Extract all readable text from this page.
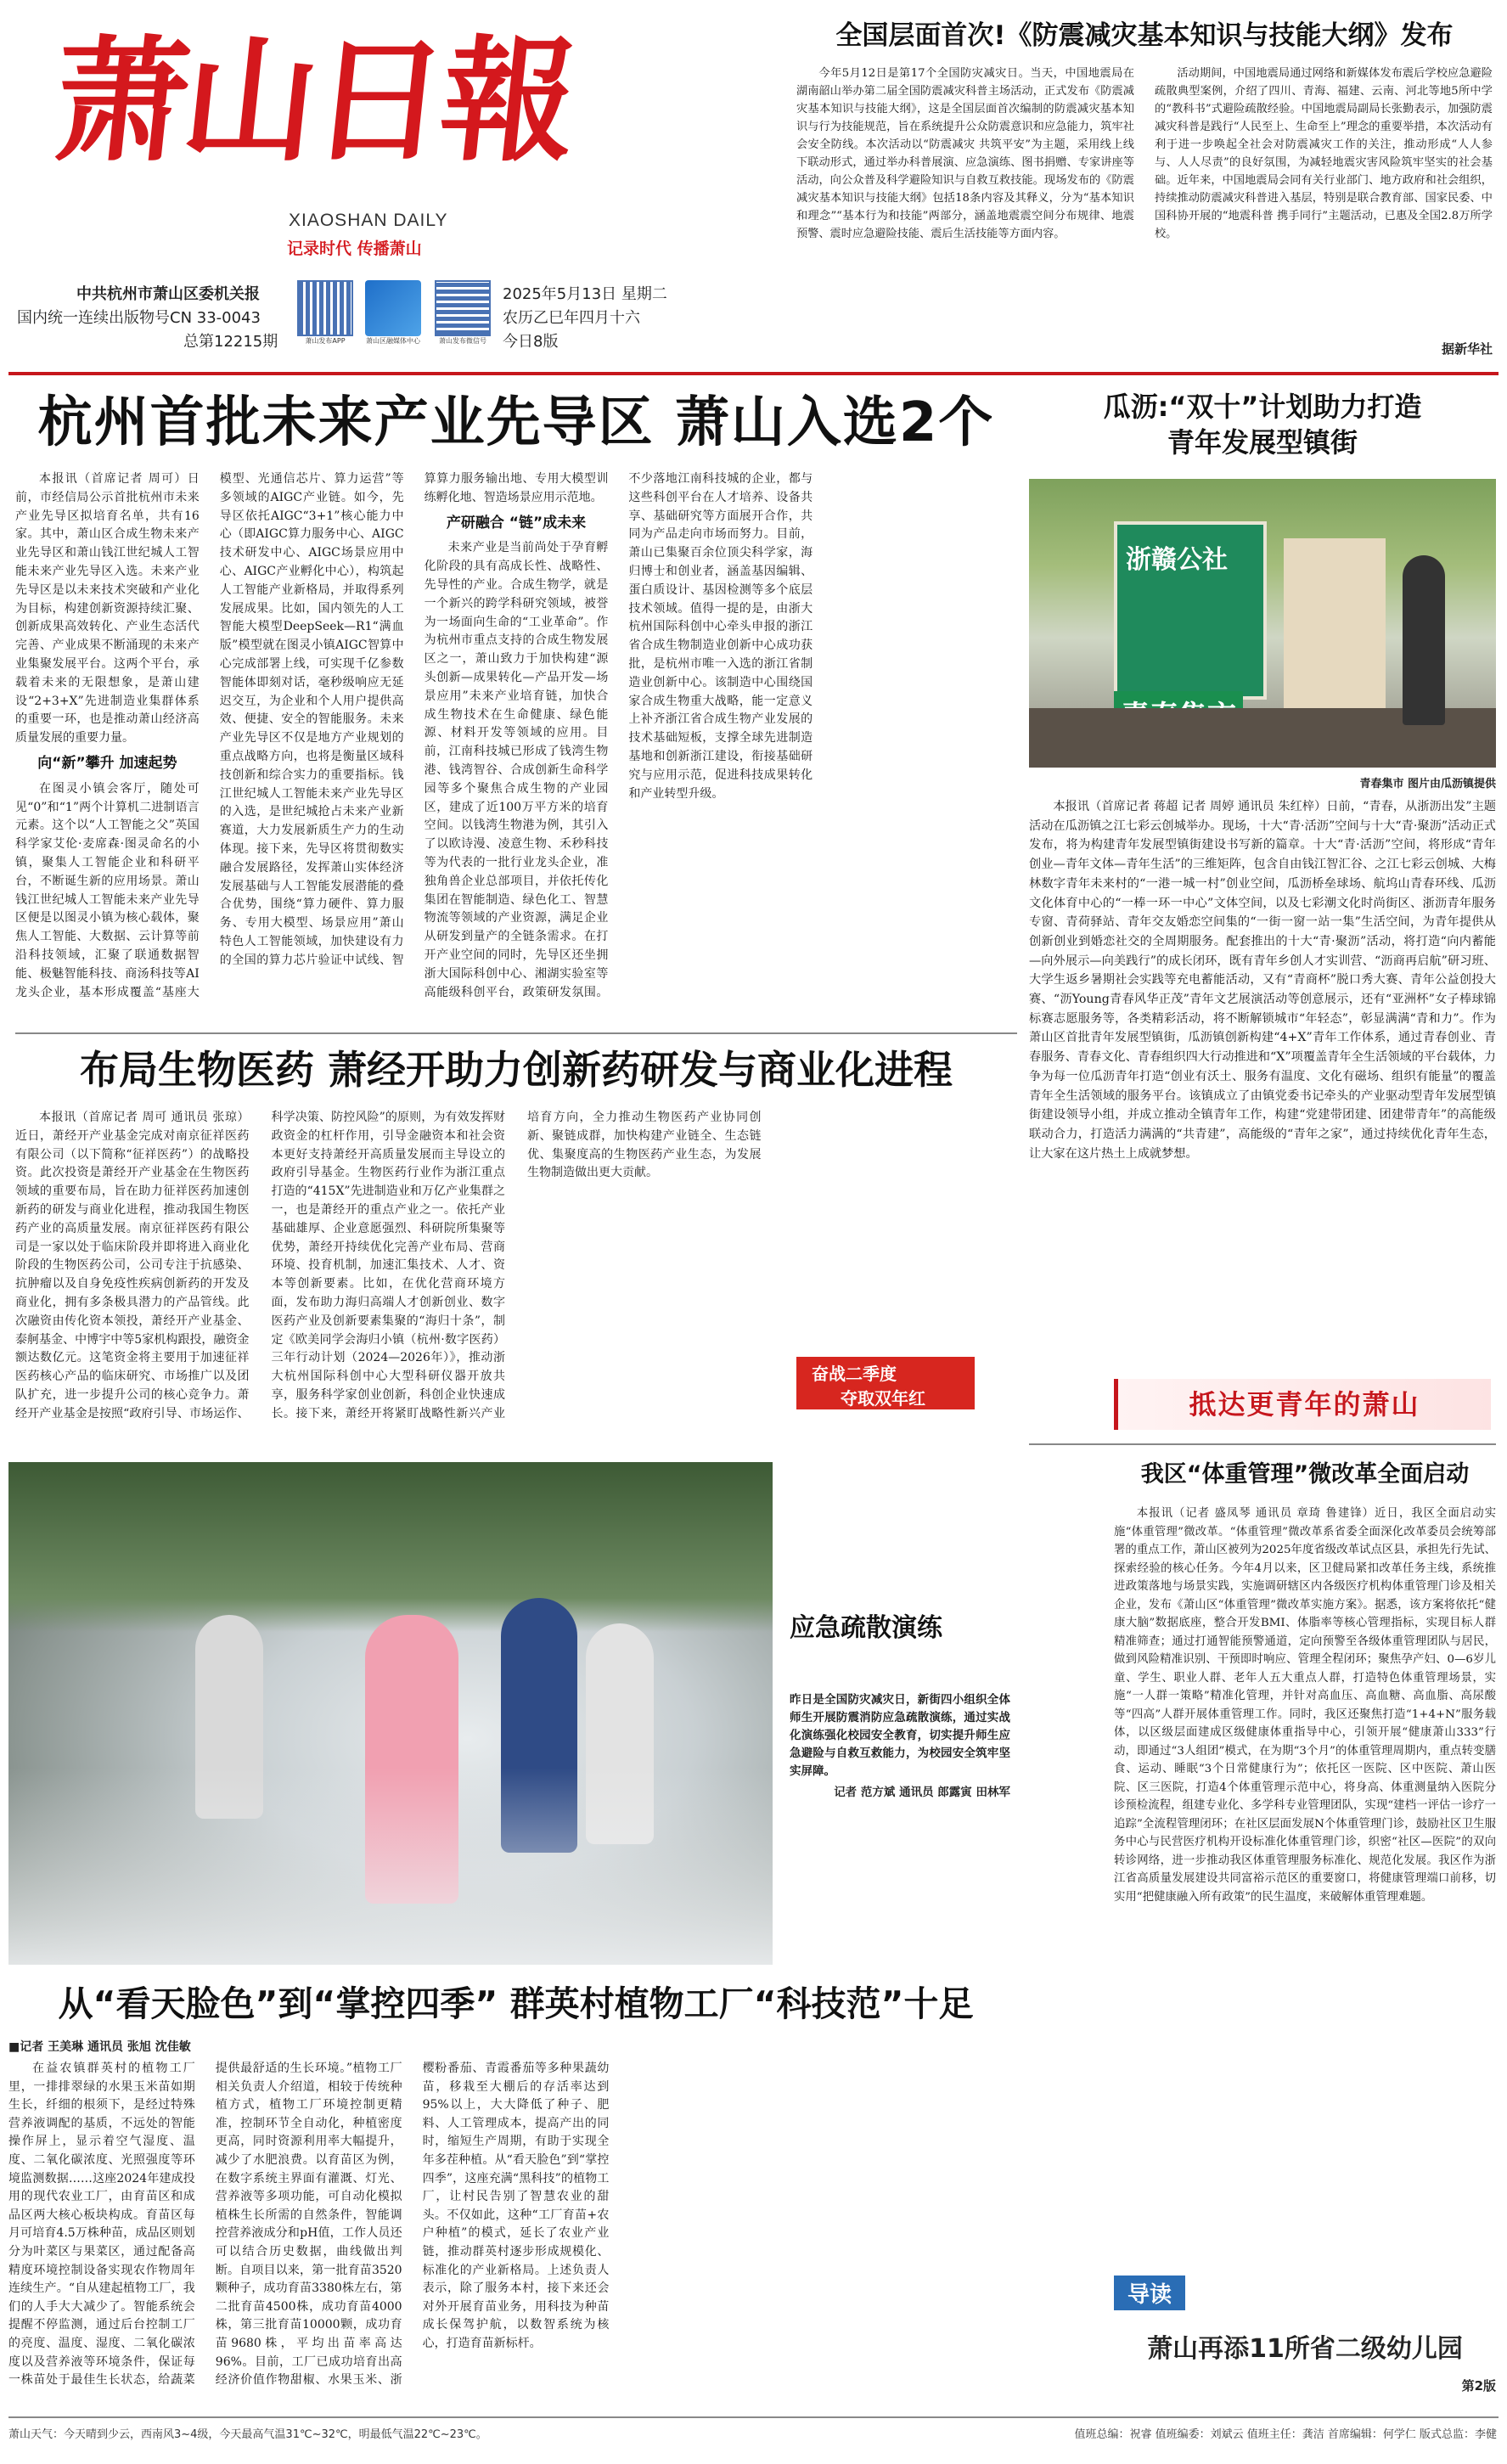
萧山日報
XIAOSHAN DAILY
记录时代 传播萧山
中共杭州市萧山区委机关报
国内统一连续出版物号CN 33-0043
总第12215期	萧山发布APP	萧山区融媒体中心	萧山发布微信号
2025年5月13日 星期二
农历乙巳年四月十六
今日8版
全国层面首次!《防震减灾基本知识与技能大纲》发布

今年5月12日是第17个全国防灾减灾日。当天，中国地震局在湖南韶山举办第二届全国防震减灾科普主场活动，正式发布《防震减灾基本知识与技能大纲》，这是全国层面首次编制的防震减灾基本知识与行为技能规范，旨在系统提升公众防震意识和应急能力，筑牢社会安全防线。本次活动以“防震减灾 共筑平安”为主题，采用线上线下联动形式，通过举办科普展演、应急演练、图书捐赠、专家讲座等活动，向公众普及科学避险知识与自救互救技能。现场发布的《防震减灾基本知识与技能大纲》包括18条内容及其释义，分为“基本知识和理念”“基本行为和技能”两部分，涵盖地震震空间分布规律、地震预警、震时应急避险技能、震后生活技能等方面内容。

活动期间，中国地震局通过网络和新媒体发布震后学校应急避险疏散典型案例，介绍了四川、青海、福建、云南、河北等地5所中学的“教科书”式避险疏散经验。中国地震局副局长张勤表示，加强防震减灾科普是践行“人民至上、生命至上”理念的重要举措，本次活动有利于进一步唤起全社会对防震减灾工作的关注，推动形成“人人参与、人人尽责”的良好氛围，为减轻地震灾害风险筑牢坚实的社会基础。近年来，中国地震局会同有关行业部门、地方政府和社会组织，持续推动防震减灾科普进入基层，特别是联合教育部、国家民委、中国科协开展的“地震科普 携手同行”主题活动，已惠及全国2.8万所学校。

据新华社
杭州首批未来产业先导区 萧山入选2个

本报讯（首席记者 周可）日前，市经信局公示首批杭州市未来产业先导区拟培育名单，共有16家。其中，萧山区合成生物未来产业先导区和萧山钱江世纪城人工智能未来产业先导区入选。未来产业先导区是以未来技术突破和产业化为目标，构建创新资源持续汇聚、创新成果高效转化、产业生态活代完善、产业成果不断涌现的未来产业集聚发展平台。这两个平台，承载着未来的无限想象，是萧山建设“2+3+X”先进制造业集群体系的重要一环，也是推动萧山经济高质量发展的重要力量。

向“新”攀升 加速起势

在图灵小镇会客厅，随处可见“0”和“1”两个计算机二进制语言元素。这个以“人工智能之父”英国科学家艾伦·麦席森·图灵命名的小镇，聚集人工智能企业和科研平台，不断诞生新的应用场景。萧山钱江世纪城人工智能未来产业先导区便是以图灵小镇为核心载体，聚焦人工智能、大数据、云计算等前沿科技领域，汇聚了联通数据智能、极魅智能科技、商汤科技等AI龙头企业，基本形成覆盖“基座大模型、光通信芯片、算力运营”等多领域的AIGC产业链。如今，先导区依托AIGC“3+1”核心能力中心（即AIGC算力服务中心、AIGC技术研发中心、AIGC场景应用中心、AIGC产业孵化中心），构筑起人工智能产业新格局，并取得系列发展成果。比如，国内领先的人工智能大模型DeepSeek—R1“满血版”模型就在图灵小镇AIGC智算中心完成部署上线，可实现千亿参数智能体即刻对话，毫秒级响应无延迟交互，为企业和个人用户提供高效、便捷、安全的智能服务。未来产业先导区不仅是地方产业规划的重点战略方向，也将是衡量区域科技创新和综合实力的重要指标。钱江世纪城人工智能未来产业先导区的入选，是世纪城抢占未来产业新赛道，大力发展新质生产力的生动体现。接下来，先导区将贯彻数实融合发展路径，发挥萧山实体经济发展基础与人工智能发展潜能的叠合优势，围绕“算力硬件、算力服务、专用大模型、场景应用”萧山特色人工智能领域，加快建设有力的全国的算力芯片验证中试线、智算算力服务输出地、专用大模型训练孵化地、智造场景应用示范地。

产研融合 “链”成未来

未来产业是当前尚处于孕育孵化阶段的具有高成长性、战略性、先导性的产业。合成生物学，就是一个新兴的跨学科研究领域，被誉为一场面向生命的“工业革命”。作为杭州市重点支持的合成生物发展区之一，萧山致力于加快构建“源头创新—成果转化—产品开发—场景应用”未来产业培育链，加快合成生物技术在生命健康、绿色能源、材料开发等领域的应用。目前，江南科技城已形成了钱湾生物港、钱湾智谷、合成创新生命科学园等多个聚焦合成生物的产业园区，建成了近100万平方米的培育空间。以钱湾生物港为例，其引入了以欧诗漫、凌意生物、禾秒科技等为代表的一批行业龙头企业，准独角兽企业总部项目，并依托传化集团在智能制造、绿色化工、智慧物流等领域的产业资源，满足企业从研发到量产的全链条需求。在打开产业空间的同时，先导区还坐拥浙大国际科创中心、湘湖实验室等高能级科创平台，政策研发氛围。不少落地江南科技城的企业，都与这些科创平台在人才培养、设备共享、基础研究等方面展开合作，共同为产品走向市场而努力。目前，萧山已集聚百余位顶尖科学家，海归博士和创业者，涵盖基因编辑、蛋白质设计、基因检测等多个底层技术领域。值得一提的是，由浙大杭州国际科创中心牵头申报的浙江省合成生物制造业创新中心成功获批，是杭州市唯一入选的浙江省制造业创新中心。该制造中心围绕国家合成生物重大战略，能一定意义上补齐浙江省合成生物产业发展的技术基础短板，支撑全球先进制造基地和创新浙江建设，衔接基础研究与应用示范，促进科技成果转化和产业转型升级。

瓜沥:“双十”计划助力打造
青年发展型镇街
浙赣公社
青春集市 图片由瓜沥镇提供

本报讯（首席记者 蒋超 记者 周婷 通讯员 朱红梓）日前，“青春，从浙沥出发”主题活动在瓜沥镇之江七彩云创城举办。现场，十大“青·活沥”空间与十大“青·聚沥”活动正式发布，将为构建青年发展型镇街建设书写新的篇章。十大“青·活沥”空间，将形成“青年创业—青年文体—青年生活”的三维矩阵，包含自由钱江智汇谷、之江七彩云创城、大梅林数字青年未来村的“一港一城一村”创业空间，瓜沥桥垒球场、航坞山青春环线、瓜沥文化体育中心的“一棒一环一中心”文体空间，以及七彩潮文化时尚街区、浙沥青年服务专窗、青荷驿站、青年交友婚恋空间集的“一街一窗一站一集”生活空间，为青年提供从创新创业到婚恋社交的全周期服务。配套推出的十大“青·聚沥”活动，将打造“向内蓄能—向外展示—向美践行”的成长闭环，既有青年乡创人才实训营、“沥商再启航”研习班、大学生返乡暑期社会实践等充电蓄能活动，又有“青商杯”脱口秀大赛、青年公益创投大赛、“沥Young青春风华正茂”青年文艺展演活动等创意展示，还有“亚洲杯”女子棒球锦标赛志愿服务等，各类精彩活动，将不断解锁城市“年轻态”，彰显满满“青和力”。作为萧山区首批青年发展型镇街，瓜沥镇创新构建“4+X”青年工作体系，通过青春创业、青春服务、青春文化、青春组织四大行动推进和“X”项覆盖青年全生活领域的平台载体，力争为每一位瓜沥青年打造“创业有沃土、服务有温度、文化有磁场、组织有能量”的覆盖青年全生活领域的服务平台。该镇成立了由镇党委书记牵头的产业驱动型青年发展型镇街建设领导小组，并成立推动全镇青年工作，构建“党建带团建、团建带青年”的高能级联动合力，打造活力满满的“共青建”，高能级的“青年之家”，通过持续优化青年生态，让大家在这片热土上成就梦想。

抵达更青年的萧山
布局生物医药 萧经开助力创新药研发与商业化进程

本报讯（首席记者 周可 通讯员 张琼）近日，萧经开产业基金完成对南京征祥医药有限公司（以下简称“征祥医药”）的战略投资。此次投资是萧经开产业基金在生物医药领域的重要布局，旨在助力征祥医药加速创新药的研发与商业化进程，推动我国生物医药产业的高质量发展。南京征祥医药有限公司是一家以处于临床阶段并即将进入商业化阶段的生物医药公司，公司专注于抗感染、抗肿瘤以及自身免疫性疾病创新药的开发及商业化，拥有多条极具潜力的产品管线。此次融资由传化资本领投，萧经开产业基金、泰舸基金、中博宇中等5家机构跟投，融资金额达数亿元。这笔资金将主要用于加速征祥医药核心产品的临床研究、市场推广以及团队扩充，进一步提升公司的核心竞争力。萧经开产业基金是按照“政府引导、市场运作、科学决策、防控风险”的原则，为有效发挥财政资金的杠杆作用，引导金融资本和社会资本更好支持萧经开高质量发展而主导设立的政府引导基金。生物医药行业作为浙江重点打造的“415X”先进制造业和万亿产业集群之一，也是萧经开的重点产业之一。依托产业基础雄厚、企业意愿强烈、科研院所集聚等优势，萧经开持续优化完善产业布局、营商环境、投育机制，加速汇集技术、人才、资本等创新要素。比如，在优化营商环境方面，发布助力海归高端人才创新创业、数字医药产业及创新要素集聚的“海归十条”，制定《欧美同学会海归小镇（杭州·数字医药）三年行动计划（2024—2026年）》，推动浙大杭州国际科创中心大型科研仪器开放共享，服务科学家创业创新，科创企业快速成长。接下来，萧经开将紧盯战略性新兴产业培育方向，全力推动生物医药产业协同创新、聚链成群，加快构建产业链全、生态链优、集聚度高的生物医药产业生态，为发展生物制造做出更大贡献。

奋战二季度
夺取双年红
应急疏散演练

昨日是全国防灾减灾日，新街四小组织全体师生开展防震消防应急疏散演练，通过实战化演练强化校园安全教育，切实提升师生应急避险与自救互救能力，为校园安全筑牢坚实屏障。

记者 范方斌 通讯员 郎露寅 田林军

从“看天脸色”到“掌控四季” 群英村植物工厂“科技范”十足
■记者 王美琳 通讯员 张旭 沈佳敏

在益农镇群英村的植物工厂里，一排排翠绿的水果玉米苗如期生长，纤细的根须下，是经过特殊营养液调配的基质，不远处的智能操作屏上，显示着空气湿度、温度、二氧化碳浓度、光照强度等环境监测数据……这座2024年建成投用的现代农业工厂，由育苗区和成品区两大核心板块构成。育苗区每月可培育4.5万株种苗，成品区则划分为叶菜区与果菜区，通过配备高精度环境控制设备实现农作物周年连续生产。“自从建起植物工厂，我们的人手大大减少了。智能系统会提醒不停监测，通过后台控制工厂的亮度、温度、湿度、二氧化碳浓度以及营养液等环境条件，保证每一株苗处于最佳生长状态，给蔬菜提供最舒适的生长环境。”植物工厂相关负责人介绍道，相较于传统种植方式，植物工厂环境控制更精准，控制环节全自动化，种植密度更高，同时资源利用率大幅提升，减少了水肥浪费。以育苗区为例，在数字系统主界面有灌溉、灯光、营养液等多项功能，可自动化模拟植株生长所需的自然条件，智能调控营养液成分和pH值，工作人员还可以结合历史数据，曲线做出判断。自项目以来，第一批育苗3520颗种子，成功育苗3380株左右，第二批育苗4500株，成功育苗4000株，第三批育苗10000颗，成功育苗9680株，平均出苗率高达96%。目前，工厂已成功培育出高经济价值作物甜椒、水果玉米、浙樱粉番茄、青霞番茄等多种果蔬幼苗，移栽至大棚后的存活率达到95%以上，大大降低了种子、肥料、人工管理成本，提高产出的同时，缩短生产周期，有助于实现全年多茬种植。从“看天脸色”到“掌控四季”，这座充满“黑科技”的植物工厂，让村民告别了智慧农业的甜头。不仅如此，这种“工厂育苗+农户种植”的模式，延长了农业产业链，推动群英村逐步形成规模化、标准化的产业新格局。上述负责人表示，除了服务本村，接下来还会对外开展育苗业务，用科技为种苗成长保驾护航，以数智系统为核心，打造育苗新标杆。

我区“体重管理”微改革全面启动

本报讯（记者 盛凤琴 通讯员 章琦 鲁建锋）近日，我区全面启动实施“体重管理”微改革。“体重管理”微改革系省委全面深化改革委员会统筹部署的重点工作，萧山区被列为2025年度省级改革试点区县，承担先行先试、探索经验的核心任务。今年4月以来，区卫健局紧扣改革任务主线，系统推进政策落地与场景实践，实施调研辖区内各级医疗机构体重管理门诊及相关企业，发布《萧山区“体重管理”微改革实施方案》。据悉，该方案将依托“健康大脑”数据底座，整合开发BMI、体脂率等核心管理指标，实现目标人群精准筛查；通过打通智能预警通道，定向预警至各级体重管理团队与居民，做到风险精准识别、干预即时响应、管理全程闭环；聚焦孕产妇、0—6岁儿童、学生、职业人群、老年人五大重点人群，打造特色体重管理场景，实施“一人群一策略”精准化管理，并针对高血压、高血糖、高血脂、高尿酸等“四高”人群开展体重管理工作。同时，我区还聚焦打造“1+4+N”服务载体，以区级层面建成区级健康体重指导中心，引领开展“健康萧山333”行动，即通过“3人组团”模式，在为期“3个月”的体重管理周期内，重点转变膳食、运动、睡眠“3个日常健康行为”；依托区一医院、区中医院、萧山医院、区三医院，打造4个体重管理示范中心，将身高、体重测量纳入医院分诊预检流程，组建专业化、多学科专业管理团队，实现“建档一评估一诊疗一追踪”全流程管理闭环；在社区层面发展N个体重管理门诊，鼓励社区卫生服务中心与民营医疗机构开设标准化体重管理门诊，织密“社区—医院”的双向转诊网络，进一步推动我区体重管理服务标准化、规范化发展。我区作为浙江省高质量发展建设共同富裕示范区的重要窗口，将健康管理端口前移，切实用“把健康融入所有政策”的民生温度，来破解体重管理难题。

导读
萧山再添11所省二级幼儿园
第2版
萧山天气：今天晴到少云，西南风3~4级，今天最高气温31℃~32℃，明最低气温22℃~23℃。	值班总编：祝睿 值班编委：刘斌云 值班主任：龚洁 首席编辑：何学仁 版式总监：李健
